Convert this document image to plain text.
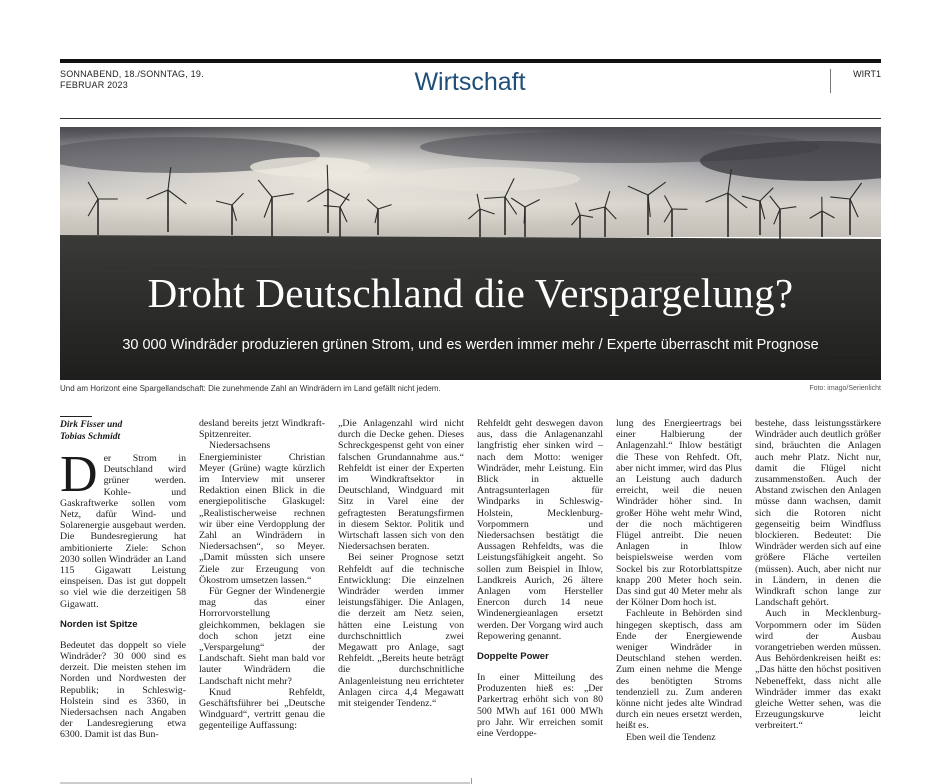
SONNABEND, 18./SONNTAG, 19. FEBRUAR 2023	Wirtschaft	WIRT1
Droht Deutschland die Verspargelung?
30 000 Windräder produzieren grünen Strom, und es werden immer mehr / Experte überrascht mit Prognose
Und am Horizont eine Spargellandschaft: Die zunehmende Zahl an Windrädern im Land gefällt nicht jedem.	Foto: imago/Serienlicht
Dirk Fisser und
Tobias Schmidt

Der Strom in Deutschland wird grüner werden. Kohle- und Gaskraftwerke sollen vom Netz, dafür Wind- und Solarenergie ausgebaut werden. Die Bundesregierung hat ambitionierte Ziele: Schon 2030 sollen Windräder an Land 115 Gigawatt Leistung einspeisen. Das ist gut doppelt so viel wie die derzeitigen 58 Gigawatt.

Norden ist Spitze

Bedeutet das doppelt so viele Windräder? 30 000 sind es derzeit. Die meisten stehen im Norden und Nordwesten der Republik; in Schleswig-Holstein sind es 3360, in Niedersachsen nach Angaben der Landesregierung etwa 6300. Damit ist das Bun-

desland bereits jetzt Windkraft-Spitzenreiter.

Niedersachsens Energieminister Christian Meyer (Grüne) wagte kürzlich im Interview mit unserer Redaktion einen Blick in die energiepolitische Glaskugel: „Realistischerweise rechnen wir über eine Verdopplung der Zahl an Windrädern in Niedersachsen“, so Meyer. „Damit müssten sich unsere Ziele zur Erzeugung von Ökostrom umsetzen lassen.“

Für Gegner der Windenergie mag das einer Horrorvorstellung gleichkommen, beklagen sie doch schon jetzt eine „Verspargelung“ der Landschaft. Sieht man bald vor lauter Windrädern die Landschaft nicht mehr?

Knud Rehfeldt, Geschäftsführer bei „Deutsche Windguard“, vertritt genau die gegenteilige Auffassung:

„Die Anlagenzahl wird nicht durch die Decke gehen. Dieses Schreckgespenst geht von einer falschen Grundannahme aus.“ Rehfeldt ist einer der Experten im Windkraftsektor in Deutschland, Windguard mit Sitz in Varel eine der gefragtesten Beratungsfirmen in diesem Sektor. Politik und Wirtschaft lassen sich von den Niedersachsen beraten.

Bei seiner Prognose setzt Rehfeldt auf die technische Entwicklung: Die einzelnen Windräder werden immer leistungsfähiger. Die Anlagen, die derzeit am Netz seien, hätten eine Leistung von durchschnittlich zwei Megawatt pro Anlage, sagt Rehfeldt. „Bereits heute beträgt die durchschnitliche Anlagenleistung neu errichteter Anlagen circa 4,4 Megawatt mit steigender Tendenz.“

Rehfeldt geht deswegen davon aus, dass die Anlagenanzahl langfristig eher sinken wird – nach dem Motto: weniger Windräder, mehr Leistung. Ein Blick in aktuelle Antragsunterlagen für Windparks in Schleswig-Holstein, Mecklenburg-Vorpommern und Niedersachsen bestätigt die Aussagen Rehfeldts, was die Leistungsfähigkeit angeht. So sollen zum Beispiel in Ihlow, Landkreis Aurich, 26 ältere Anlagen vom Hersteller Enercon durch 14 neue Windenergieanlagen ersetzt werden. Der Vorgang wird auch Repowering genannt.

Doppelte Power

In einer Mitteilung des Produzenten hieß es: „Der Parkertrag erhöht sich von 80 500 MWh auf 161 000 MWh pro Jahr. Wir erreichen somit eine Verdoppe-

lung des Energieertrags bei einer Halbierung der Anlagenzahl.“ Ihlow bestätigt die These von Rehfedt. Oft, aber nicht immer, wird das Plus an Leistung auch dadurch erreicht, weil die neuen Windräder höher sind. In großer Höhe weht mehr Wind, der die noch mächtigeren Flügel antreibt. Die neuen Anlagen in Ihlow beispielsweise werden vom Sockel bis zur Rotorblattspitze knapp 200 Meter hoch sein. Das sind gut 40 Meter mehr als der Kölner Dom hoch ist.

Fachleute in Behörden sind hingegen skeptisch, dass am Ende der Energiewende weniger Windräder in Deutschland stehen werden. Zum einen nehme die Menge des benötigten Stroms tendenziell zu. Zum anderen könne nicht jedes alte Windrad durch ein neues ersetzt werden, heißt es.

Eben weil die Tendenz

bestehe, dass leistungsstärkere Windräder auch deutlich größer sind, bräuchten die Anlagen auch mehr Platz. Nicht nur, damit die Flügel nicht zusammenstoßen. Auch der Abstand zwischen den Anlagen müsse dann wachsen, damit sich die Rotoren nicht gegenseitig beim Windfluss blockieren. Bedeutet: Die Windräder werden sich auf eine größere Fläche verteilen (müssen). Auch, aber nicht nur in Ländern, in denen die Windkraft schon lange zur Landschaft gehört.

Auch in Mecklenburg-Vorpommern oder im Süden wird der Ausbau vorangetrieben werden müssen. Aus Behördenkreisen heißt es: „Das hätte den höchst positiven Nebeneffekt, dass nicht alle Windräder immer das exakt gleiche Wetter sehen, was die Erzeugungskurve leicht verbreitert.“
